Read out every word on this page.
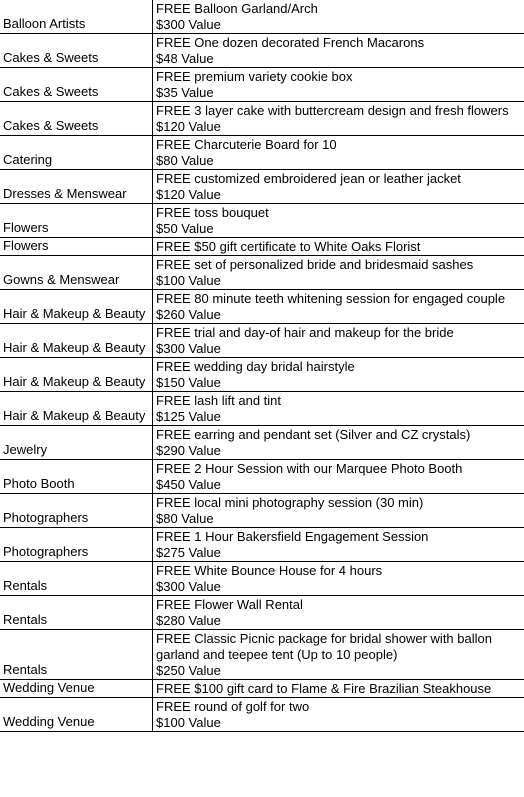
Balloon Artists	FREE Balloon Garland/Arch
$300 Value

Cakes & Sweets	FREE One dozen decorated French Macarons
$48 Value

Cakes & Sweets	FREE premium variety cookie box
$35 Value

Cakes & Sweets	FREE 3 layer cake with buttercream design and fresh flowers
$120 Value

Catering	FREE Charcuterie Board for 10
$80 Value

Dresses & Menswear	FREE customized embroidered jean or leather jacket
$120 Value

Flowers	FREE toss bouquet
$50 Value

Flowers	FREE $50 gift certificate to White Oaks Florist

Gowns & Menswear	FREE set of personalized bride and bridesmaid sashes
$100 Value

Hair & Makeup & Beauty	FREE 80 minute teeth whitening session for engaged couple
$260 Value

Hair & Makeup & Beauty	FREE trial and day-of hair and makeup for the bride
$300 Value

Hair & Makeup & Beauty	FREE wedding day bridal hairstyle
$150 Value

Hair & Makeup & Beauty	FREE lash lift and tint
$125 Value

Jewelry	FREE earring and pendant set (Silver and CZ crystals)
$290 Value

Photo Booth	FREE 2 Hour Session with our Marquee Photo Booth
$450 Value

Photographers	FREE local mini photography session (30 min)
$80 Value

Photographers	FREE 1 Hour Bakersfield Engagement Session
$275 Value

Rentals	FREE White Bounce House for 4 hours
$300 Value

Rentals	FREE Flower Wall Rental
$280 Value

Rentals	FREE Classic Picnic package for bridal shower with ballon garland and teepee tent (Up to 10 people)
$250 Value

Wedding Venue	FREE $100 gift card to Flame & Fire Brazilian Steakhouse

Wedding Venue	FREE round of golf for two
$100 Value
